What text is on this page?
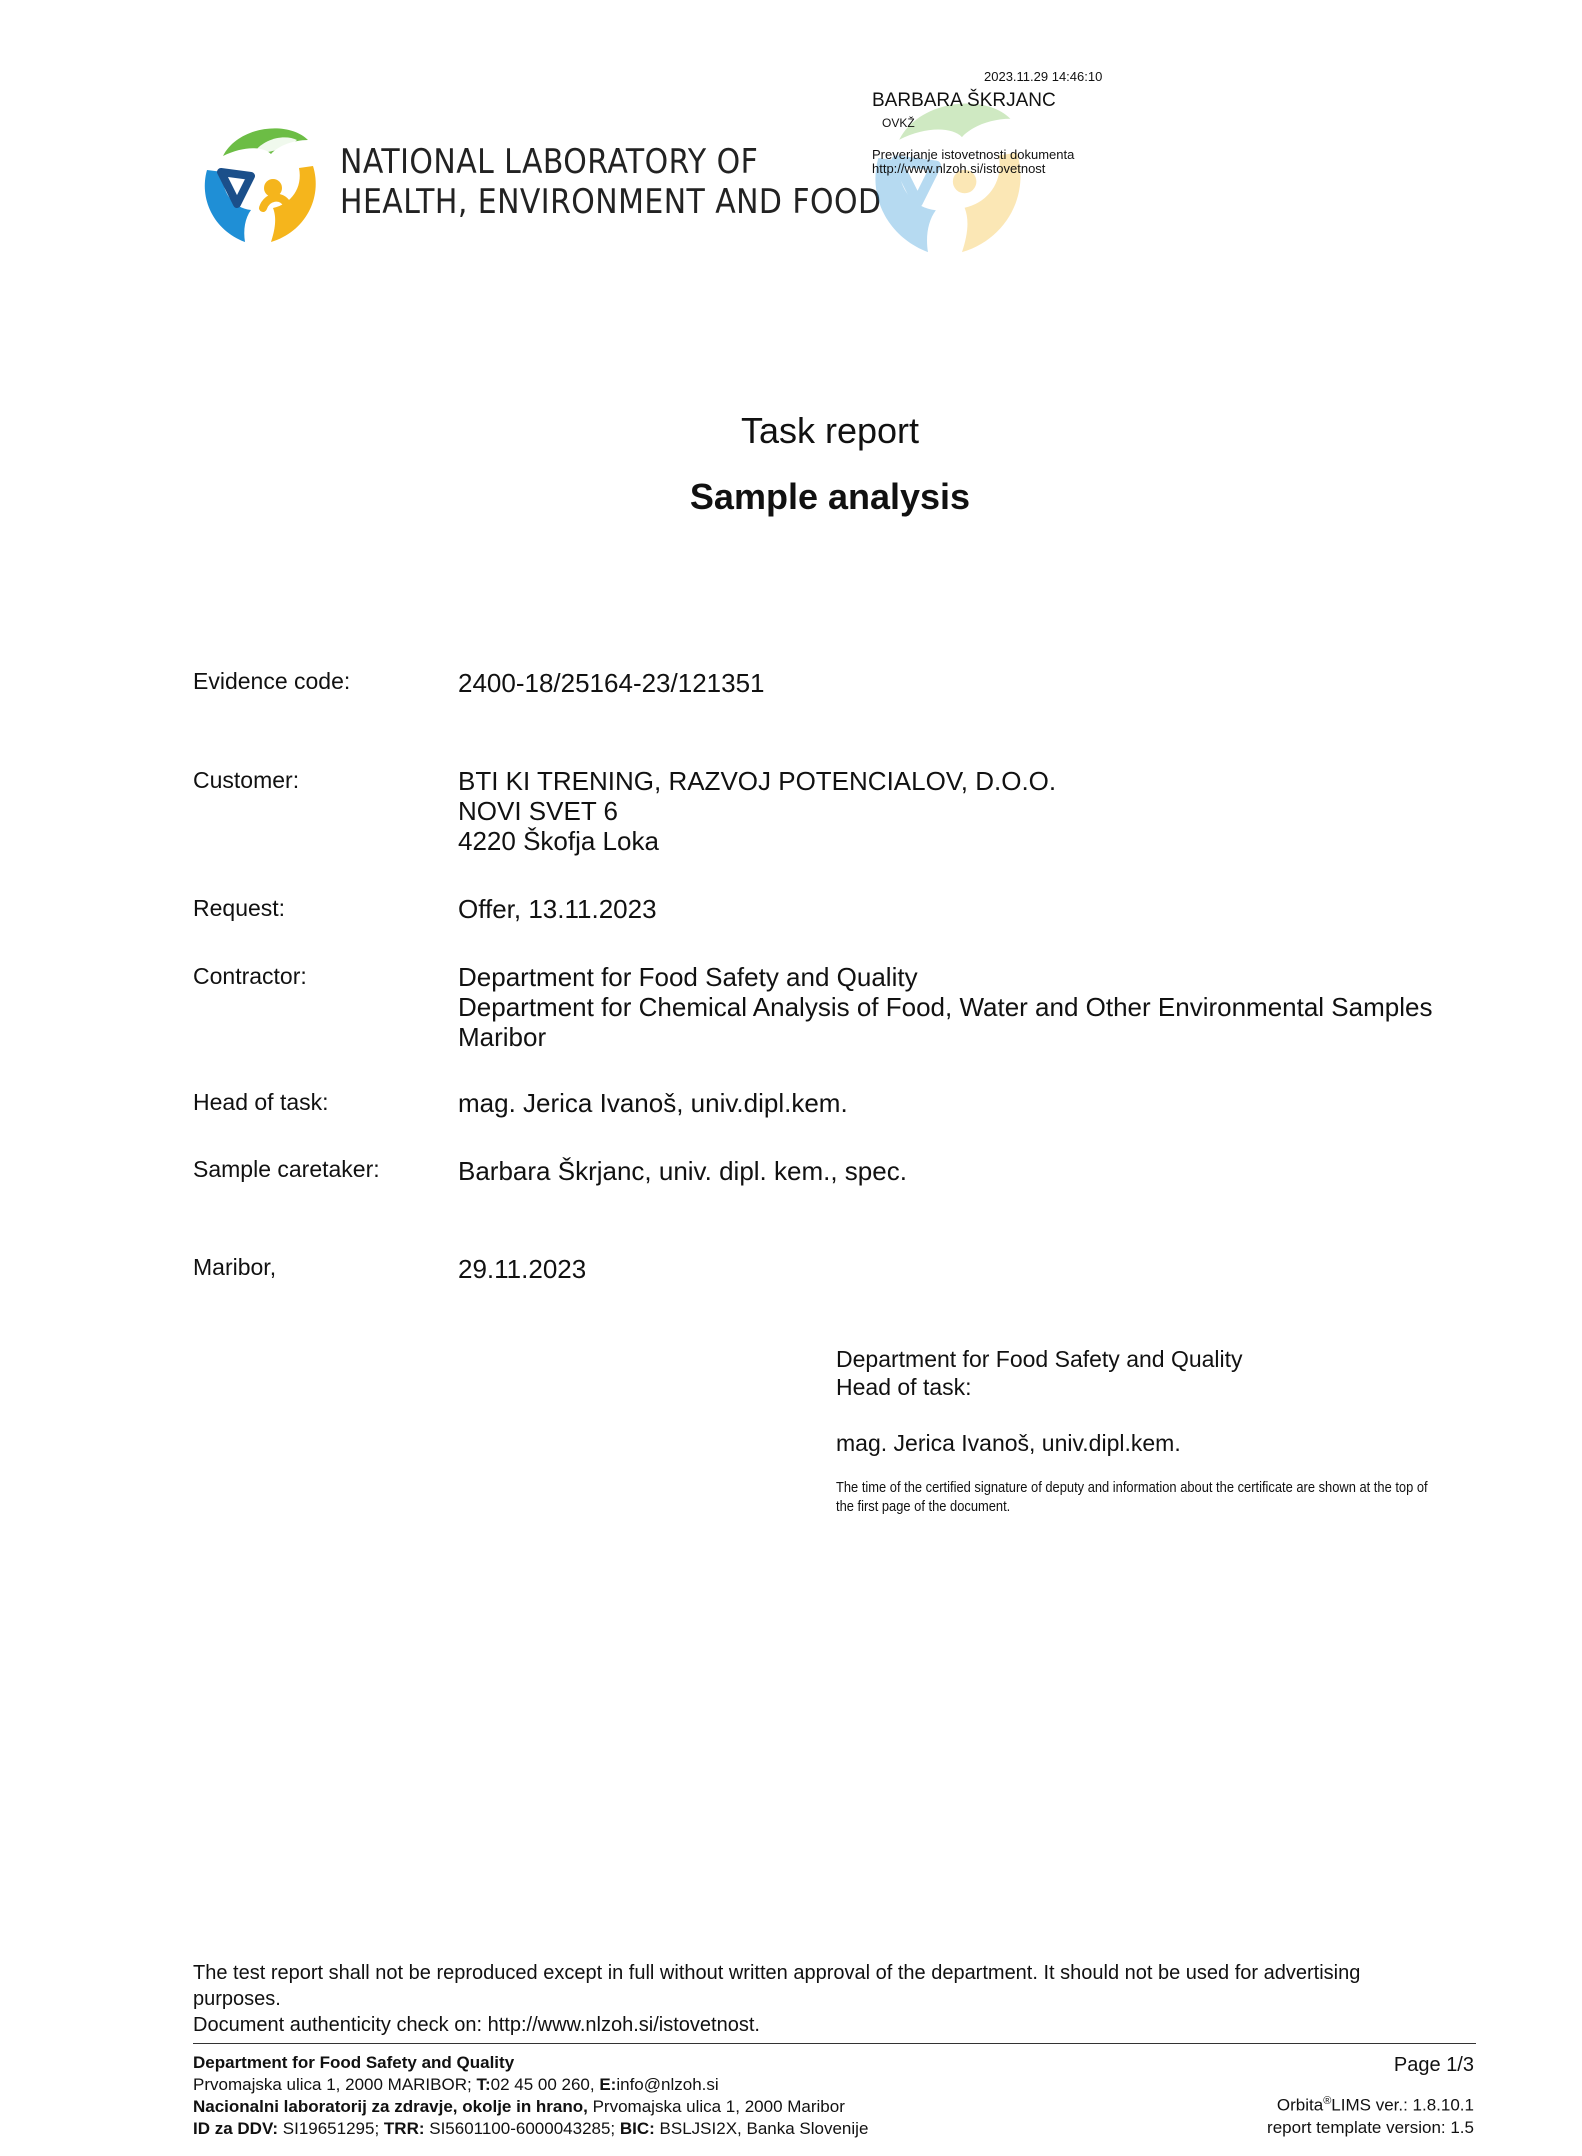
NATIONAL LABORATORY OF
HEALTH, ENVIRONMENT AND FOOD
2023.11.29 14:46:10
BARBARA ŠKRJANC
OVKŽ
Preverjanje istovetnosti dokumenta
http://www.nlzoh.si/istovetnost
Task report
Sample analysis
Evidence code:	2400-18/25164-23/121351
Customer:	BTI KI TRENING, RAZVOJ POTENCIALOV, D.O.O.
NOVI SVET 6
4220 Škofja Loka
Request:	Offer, 13.11.2023
Contractor:	Department for Food Safety and Quality
Department for Chemical Analysis of Food, Water and Other Environmental Samples
Maribor
Head of task:	mag. Jerica Ivanoš, univ.dipl.kem.
Sample caretaker:	Barbara Škrjanc, univ. dipl. kem., spec.
Maribor,	29.11.2023
Department for Food Safety and Quality
Head of task:
mag. Jerica Ivanoš, univ.dipl.kem.
The time of the certified signature of deputy and information about the certificate are shown at the top of the first page of the document.
The test report shall not be reproduced except in full without written approval of the department. It should not be used for advertising
purposes.
Document authenticity check on: http://www.nlzoh.si/istovetnost.
Department for Food Safety and Quality
Prvomajska ulica 1, 2000 MARIBOR; T:02 45 00 260, E:info@nlzoh.si
Nacionalni laboratorij za zdravje, okolje in hrano, Prvomajska ulica 1, 2000 Maribor
ID za DDV: SI19651295; TRR: SI5601100-6000043285; BIC: BSLJSI2X, Banka Slovenije
Page 1/3
Orbita®LIMS ver.: 1.8.10.1
report template version: 1.5
